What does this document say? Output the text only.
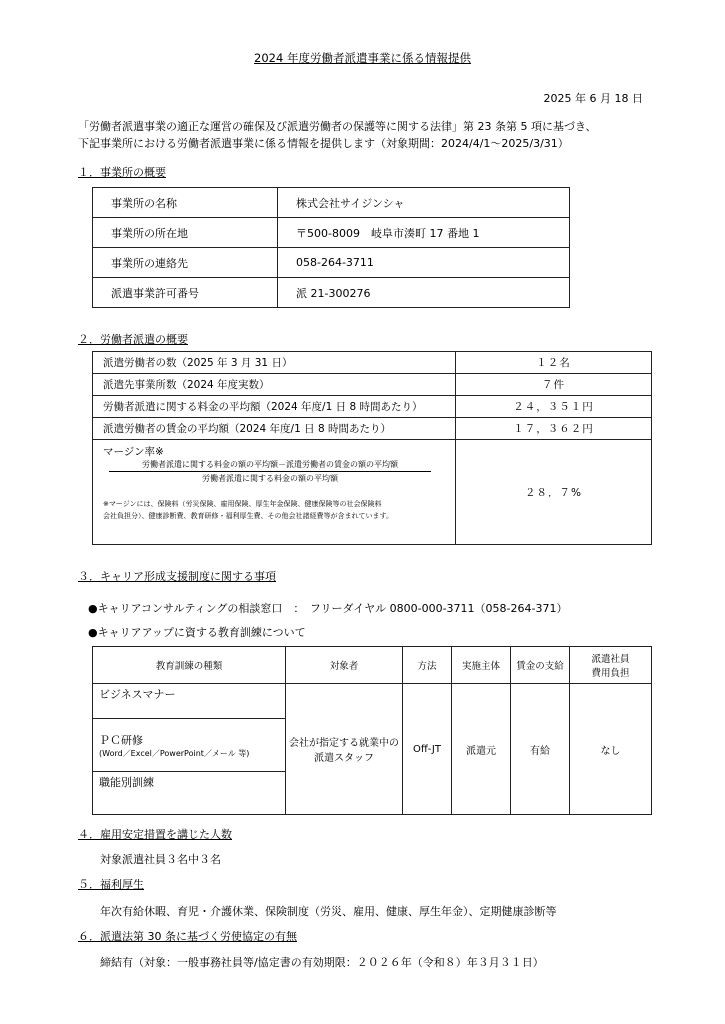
2024 年度労働者派遣事業に係る情報提供
2025 年 6 月 18 日
「労働者派遣事業の適正な運営の確保及び派遣労働者の保護等に関する法律」第 23 条第 5 項に基づき、
下記事業所における労働者派遣事業に係る情報を提供します（対象期間：2024/4/1～2025/3/31）
１．事業所の概要
事業所の名称	株式会社サイジンシャ
事業所の所在地	〒500-8009　岐阜市湊町 17 番地 1
事業所の連絡先	058-264-3711
派遣事業許可番号	派 21-300276
２．労働者派遣の概要
派遣労働者の数（2025 年 3 月 31 日）	１２名
派遣先事業所数（2024 年度実数）	７件
労働者派遣に関する料金の平均額（2024 年度/1 日 8 時間あたり）	２４，３５１円
派遣労働者の賃金の平均額（2024 年度/1 日 8 時間あたり）	１７，３６２円

マージン率※
労働者派遣に関する料金の額の平均額－派遣労働者の賃金の額の平均額
労働者派遣に関する料金の額の平均額
※マージンには、保険料（労災保険、雇用保険、厚生年金保険、健康保険等の社会保険料
会社負担分）、健康診断費、教育研修・福利厚生費、その他会社諸経費等が含まれています。	２８．７%
３．キャリア形成支援制度に関する事項
●キャリアコンサルティングの相談窓口　：　フリーダイヤル 0800-000-3711（058-264-371）
●キャリアアップに資する教育訓練について
教育訓練の種類	対象者	方法	実施主体	賃金の支給	派遣社員
費用負担

ビジネスマナー	会社が指定する就業中の派遣スタッフ	Off-JT	派遣元	有給	なし

ＰＣ研修
(Word／Excel／PowerPoint／メール 等)					

職能別訓練					
４．雇用安定措置を講じた人数
対象派遣社員３名中３名
５．福利厚生
年次有給休暇、育児・介護休業、保険制度（労災、雇用、健康、厚生年金）、定期健康診断等
６．派遣法第 30 条に基づく労使協定の有無
締結有（対象：一般事務社員等/協定書の有効期限：２０２６年（令和８）年３月３１日）
